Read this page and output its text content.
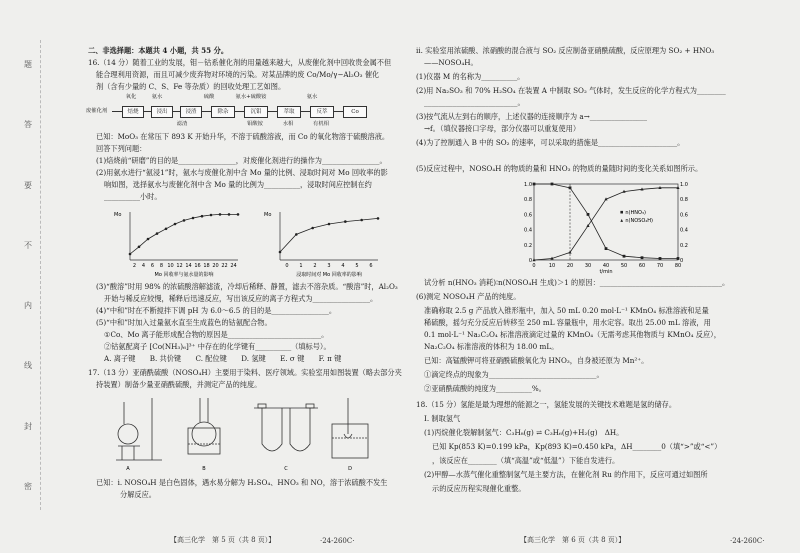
题
答
要
不
内
线
封
密
二、非选择题：本题共 4 小题，共 55 分。
16.（14 分）随着工业的发展，钼－钴系催化剂的用量越来越大，从废催化剂中回收贵金属不但
能合理利用资源，而且可减少废弃物对环境的污染。对某品牌的废 Co/Mo/γ−Al₂O₃ 催化
剂（含有少量的 C、S、Fe 等杂质）的回收处理工艺如图。
废催化剂	焙烧
氨水
浸出
滤渣
浸渣
硫酸
除杂
氨水+硫酸铵
沉钼
钼酸铵
萃取
水相
氨水
反萃
有机相
Co
氧化
已知：MoO₃ 在常压下 893 K 开始升华，不溶于硫酸溶液，而 Co 的氧化物溶于硫酸溶液。
回答下列问题：
(1)焙烧前“研磨”的目的是________________，对废催化剂进行的操作为________________。
(2)用氨水进行“氨浸1”时，氨水与废催化剂中含 Mo 量的比例、浸取时间对 Mo 回收率的影
响如图，选择氨水与废催化剂中含 Mo 量的比例为__________，浸取时间应控制在约
__________小时。
2 4 6 8 10 12 14 16 18 20 22 24
Mo
Mo 回收率与氨水量的影响
0 1 2 3 4 5 6
Mo
浸取时间对 Mo 回收率的影响
(3)“酸溶”时用 98% 的浓硫酸溶解滤渣，冷却后稀释、静置，滤去不溶杂质。“酸溶”时，Al₂O₃
开始与稀反应较慢，稀释后迅速反应，写出该反应的离子方程式为________________。
(4)“中和”时在不断搅拌下调 pH 为 6.0～6.5 的目的是________________。
(5)“中和”时加入过量氨水直至生成蓝色的钴氨配合物。
①Co、Mo 离子能形成配合物的原因是__________________________。
②钴氨配离子 [Co(NH₃)₆]³⁺ 中存在的化学键有__________（填标号）。
A. 离子键　　B. 共价键　　C. 配位键　　D. 氢键　　E. σ 键　　F. π 键
17.（13 分）亚硝酰硫酸（NOSO₄H）主要用于染料、医疗领域。实验室用如图装置（略去部分夹
持装置）制备少量亚硝酰硫酸，并测定产品的纯度。
A	B	C	D
已知：i. NOSO₄H 是白色固体，遇水易分解为 H₂SO₄、HNO₃ 和 NO，溶于浓硫酸不发生
分解反应。
【高三化学　第 5 页（共 8 页）】	·24-260C·
ii. 实验室用浓硫酸、浓硝酸的混合液与 SO₂ 反应制备亚硝酰硫酸，反应原理为 SO₂ + HNO₃
——NOSO₄H。
(1)仪器 M 的名称为__________。
(2)用 Na₂SO₃ 和 70% H₂SO₄ 在装置 A 中制取 SO₂ 气体时，发生反应的化学方程式为________
__________________________。
(3)按气流从左到右的顺序，上述仪器的连接顺序为 a→________________
→f。（填仪器接口字母，部分仪器可以重复使用）
(4)为了控制通入 B 中的 SO₂ 的速率，可以采取的措施是______________________。
(5)反应过程中，NOSO₄H 的物质的量和 HNO₃ 的物质的量随时间的变化关系如图所示。
1.0	1.0
0.8	0.8
0.6	0.6
0.4	0.4
0.2	0.2
0	0
0	10 20 30 40 50 60 70 80
t/min
n(HNO₃)
n(NOSO₄H)
试分析 n(HNO₃ 消耗)∶n(NOSO₄H 生成)＞1 的原因：__________________________________。
(6)测定 NOSO₄H 产品的纯度。
准确称取 2.5 g 产品放入锥形瓶中，加入 50 mL 0.20 mol·L⁻¹ KMnO₄ 标准溶液和足量
稀硫酸，摇匀充分反应后转移至 250 mL 容量瓶中，用水定容。取出 25.00 mL 溶液，用
0.1 mol·L⁻¹ Na₂C₂O₄ 标准溶液滴定过量的 KMnO₄（无需考虑其他物质与 KMnO₄ 反应），
Na₂C₂O₄ 标准溶液的体积为 18.00 mL。
已知：高锰酸钾可将亚硝酰硫酸氧化为 HNO₃，自身被还原为 Mn²⁺。
①滴定终点的现象为______________________________。
②亚硝酰硫酸的纯度为__________%。
18.（15 分）氢能是最为理想的能源之一，氢能发展的关键技术难题是氢的储存。
Ⅰ. 制取氢气
(1)丙烷催化裂解制氢气：C₃H₈(g) ⇌ C₃H₆(g)+H₂(g)　ΔH。
已知 Kp(853 K)=0.199 kPa，Kp(893 K)=0.450 kPa，ΔH________0（填“>”或“<”）
，该反应在________（填“高温”或“低温”）下能自发进行。
(2)甲醇—水蒸气催化重整制氢气是主要方法，在催化剂 Ru 的作用下，反应可通过如图所
示的反应历程实现催化重整。
【高三化学　第 6 页（共 8 页）】	·24-260C·
